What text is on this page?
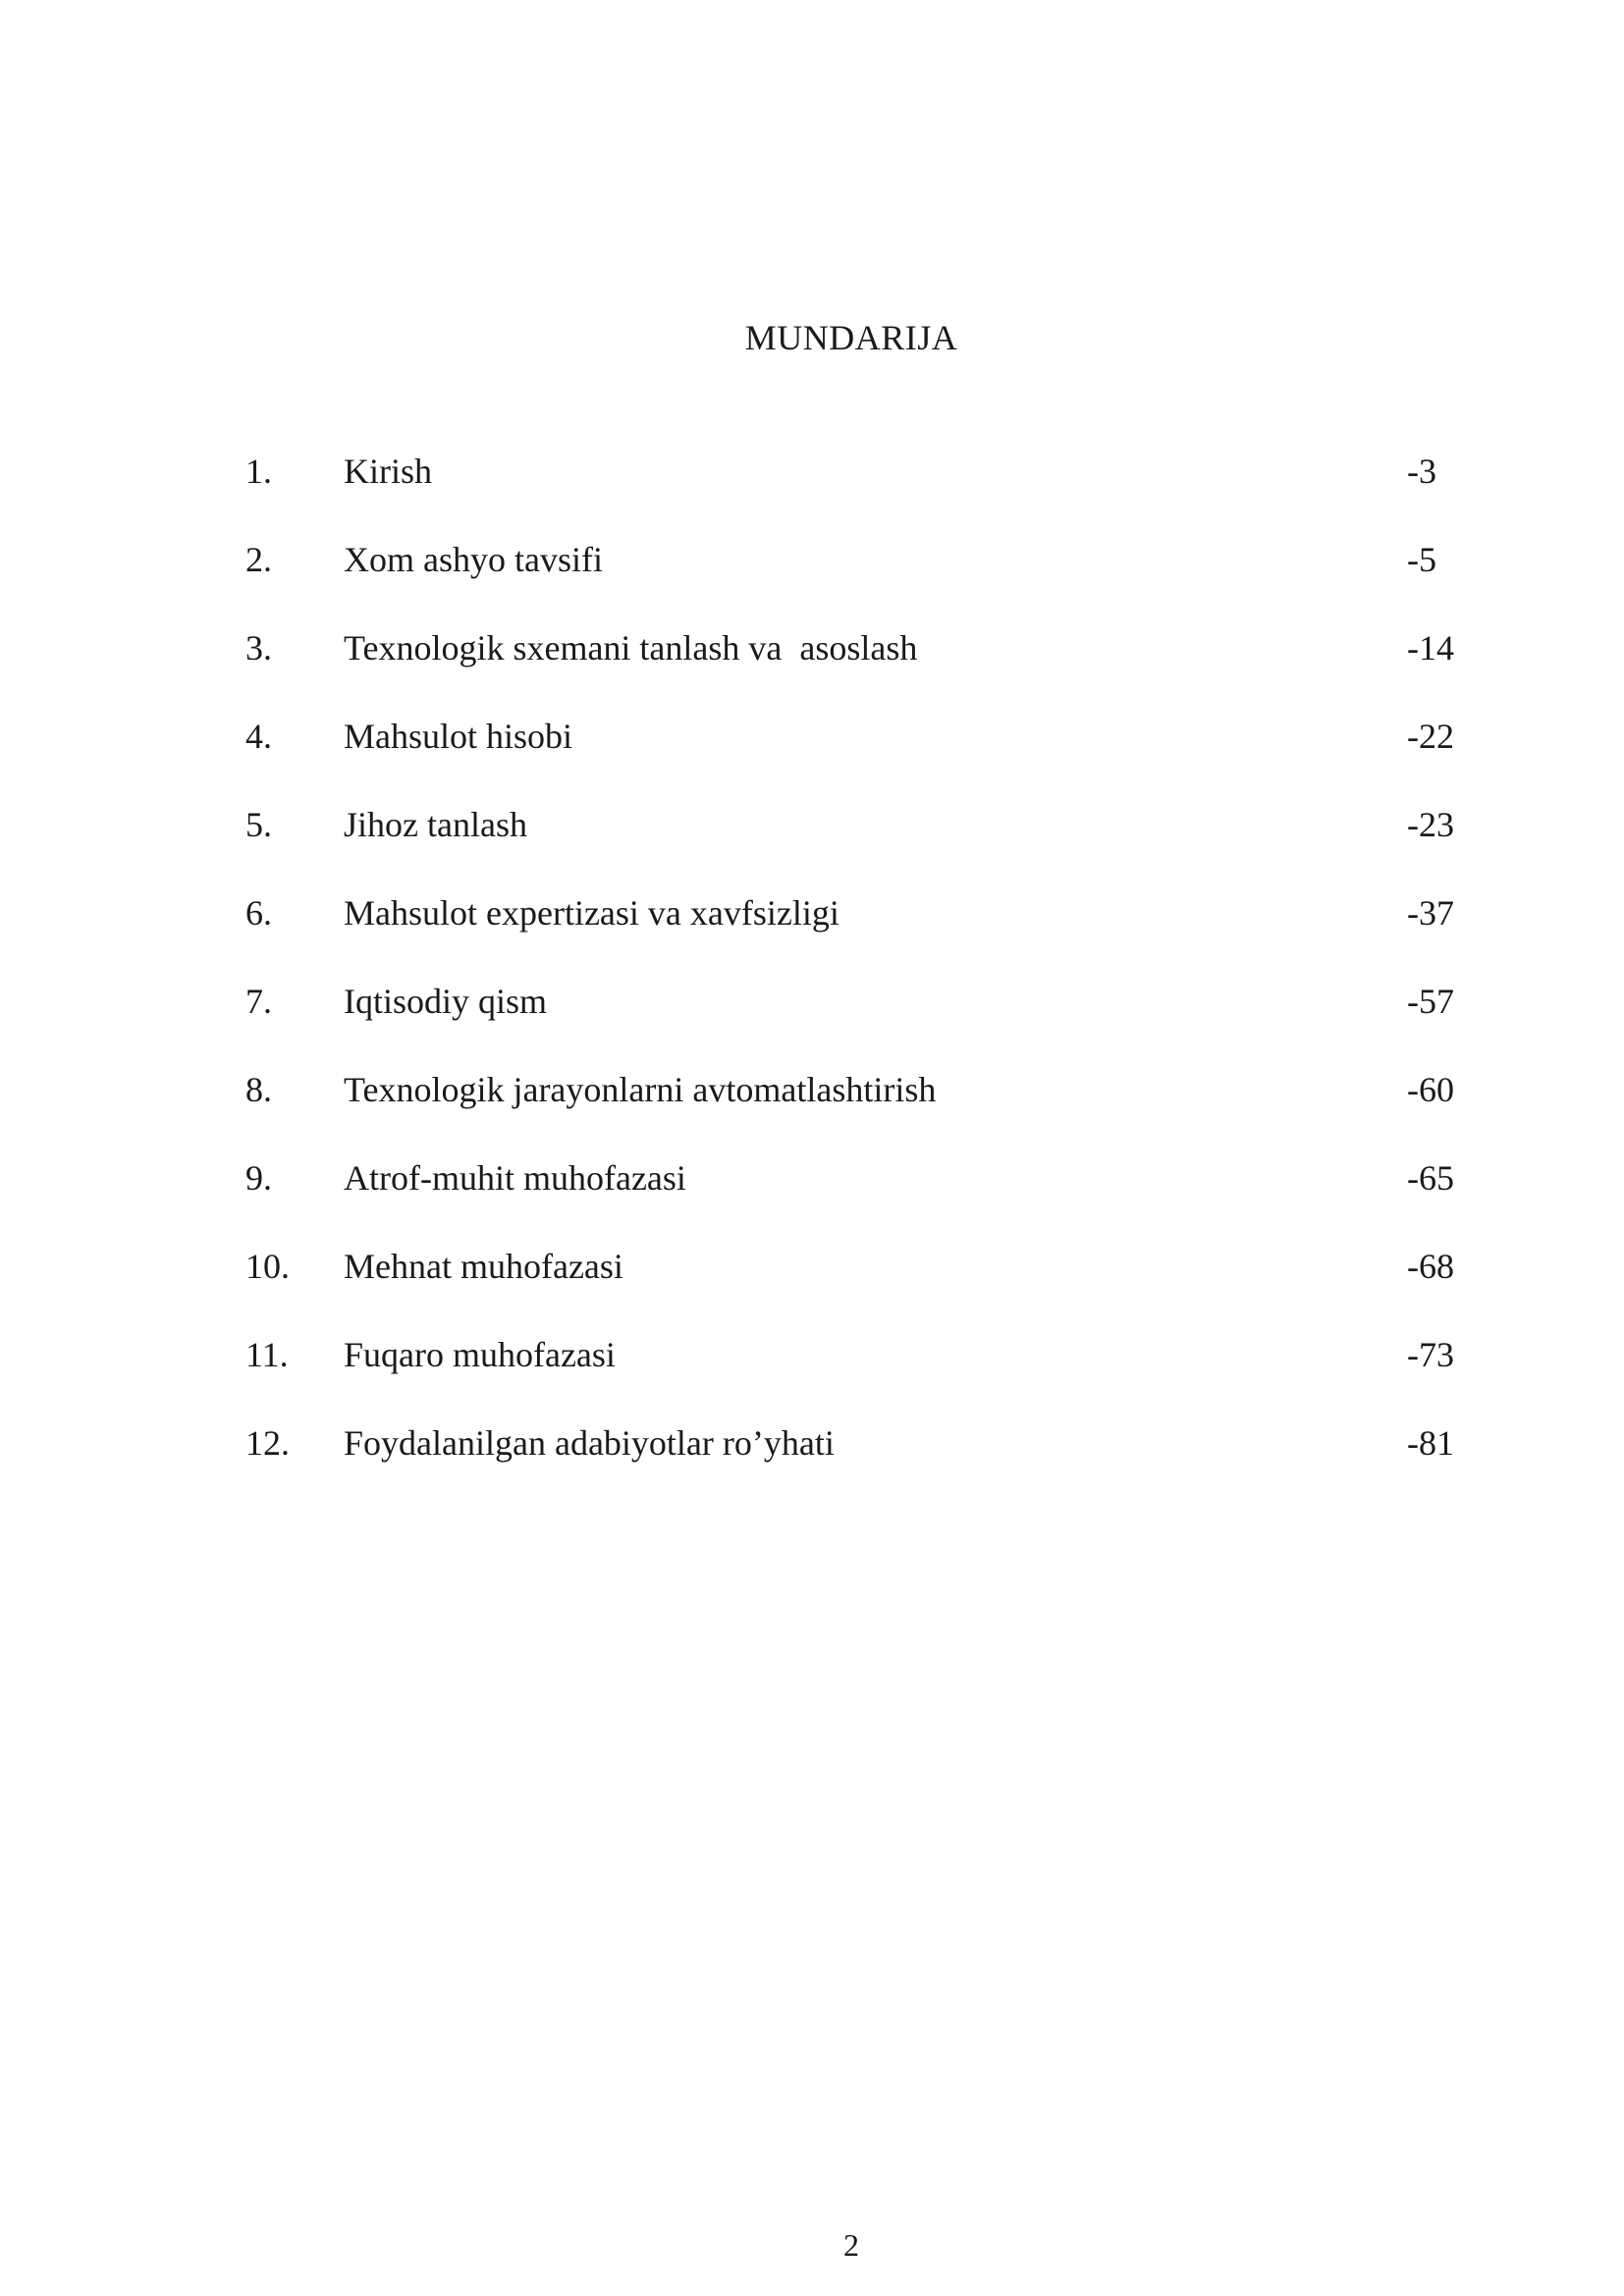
MUNDARIJA
1. Kirish	-3
2. Xom ashyo tavsifi	-5
3. Texnologik sxemani tanlash va  asoslash	-14
4. Mahsulot hisobi	-22
5. Jihoz tanlash	-23
6. Mahsulot expertizasi va xavfsizligi	-37
7. Iqtisodiy qism	-57
8. Texnologik jarayonlarni avtomatlashtirish	-60
9. Atrof-muhit muhofazasi	-65
10. Mehnat muhofazasi	-68
11. Fuqaro muhofazasi	-73
12. Foydalanilgan adabiyotlar ro’yhati	-81
2
